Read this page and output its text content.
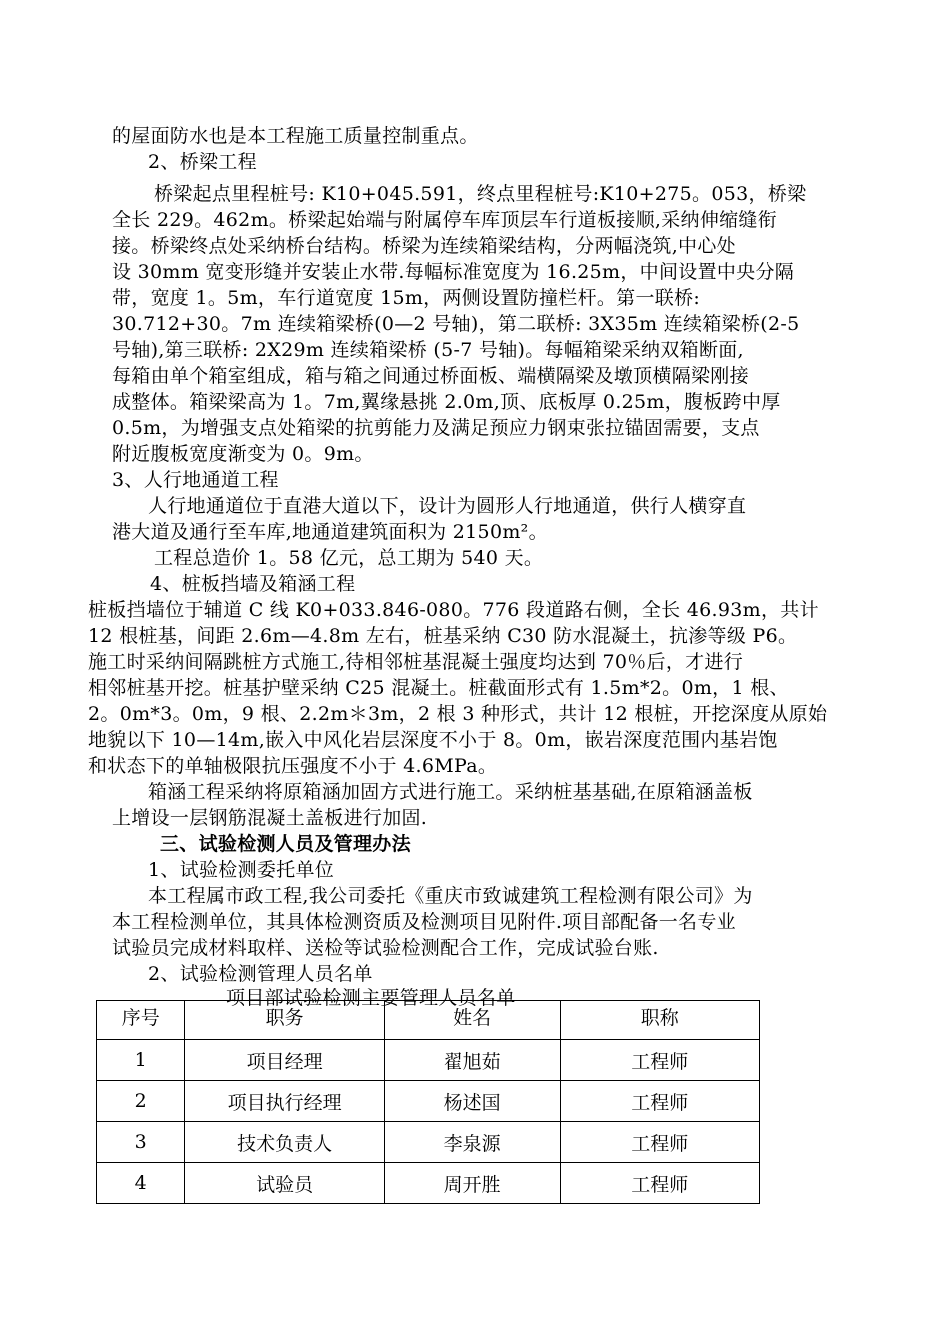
的屋面防水也是本工程施工质量控制重点。
2、桥梁工程
桥梁起点里程桩号: K10+045.591，终点里程桩号:K10+275。053，桥梁
全长 229。462m。桥梁起始端与附属停车库顶层车行道板接顺,采纳伸缩缝衔
接。桥梁终点处采纳桥台结构。桥梁为连续箱梁结构，分两幅浇筑,中心处
设 30mm 宽变形缝并安装止水带.每幅标准宽度为 16.25m，中间设置中央分隔
带，宽度 1。5m，车行道宽度 15m，两侧设置防撞栏杆。第一联桥:
30.712+30。7m 连续箱梁桥(0—2 号轴)，第二联桥: 3X35m 连续箱梁桥(2-5
号轴),第三联桥: 2X29m 连续箱梁桥 (5-7 号轴)。每幅箱梁采纳双箱断面,
每箱由单个箱室组成，箱与箱之间通过桥面板、端横隔梁及墩顶横隔梁刚接
成整体。箱梁梁高为 1。7m,翼缘悬挑 2.0m,顶、底板厚 0.25m，腹板跨中厚
0.5m，为增强支点处箱梁的抗剪能力及满足预应力钢束张拉锚固需要，支点
附近腹板宽度渐变为 0。9m。
3、人行地通道工程
人行地通道位于直港大道以下，设计为圆形人行地通道，供行人横穿直
港大道及通行至车库,地通道建筑面积为 2150m²。
工程总造价 1。58 亿元，总工期为 540 天。
4、桩板挡墙及箱涵工程
桩板挡墙位于辅道 C 线 K0+033.846-080。776 段道路右侧，全长 46.93m，共计
12 根桩基，间距 2.6m—4.8m 左右，桩基采纳 C30 防水混凝土，抗渗等级 P6。
施工时采纳间隔跳桩方式施工,待相邻桩基混凝土强度均达到 70％后，才进行
相邻桩基开挖。桩基护壁采纳 C25 混凝土。桩截面形式有 1.5m*2。0m，1 根、
2。0m*3。0m，9 根、2.2m＊3m，2 根 3 种形式，共计 12 根桩，开挖深度从原始
地貌以下 10—14m,嵌入中风化岩层深度不小于 8。0m，嵌岩深度范围内基岩饱
和状态下的单轴极限抗压强度不小于 4.6MPa。
箱涵工程采纳将原箱涵加固方式进行施工。采纳桩基基础,在原箱涵盖板
上增设一层钢筋混凝土盖板进行加固.
三、试验检测人员及管理办法
1、试验检测委托单位
本工程属市政工程,我公司委托《重庆市致诚建筑工程检测有限公司》为
本工程检测单位，其具体检测资质及检测项目见附件.项目部配备一名专业
试验员完成材料取样、送检等试验检测配合工作，完成试验台账.
2、试验检测管理人员名单
项目部试验检测主要管理人员名单
序号	职务	姓名	职称
1	项目经理	翟旭茹	工程师
2	项目执行经理	杨述国	工程师
3	技术负责人	李泉源	工程师
4	试验员	周开胜	工程师
